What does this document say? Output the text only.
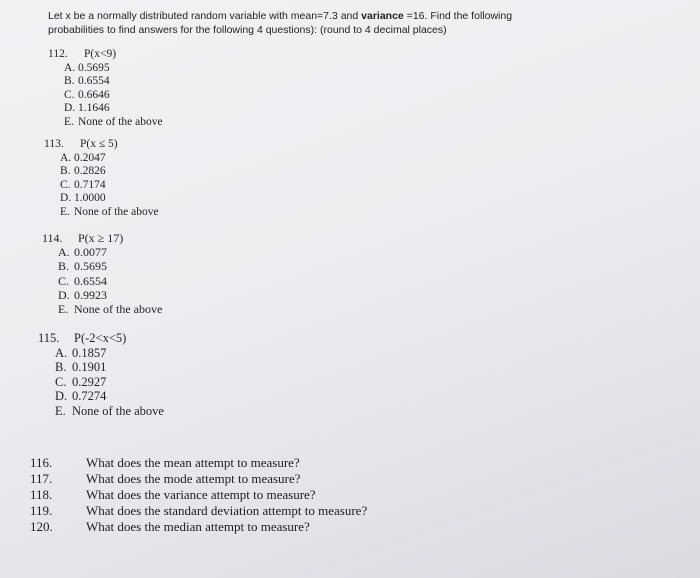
Let x be a normally distributed random variable with mean=7.3 and variance =16. Find the following
probabilities to find answers for the following 4 questions): (round to 4 decimal places)
112.	P(x<9)
A. 0.5695
B. 0.6554
C. 0.6646
D. 1.1646
E. None of the above
113.	P(x ≤ 5)
A. 0.2047
B. 0.2826
C. 0.7174
D. 1.0000
E. None of the above
114. P(x ≥ 17)
A. 0.0077
B. 0.5695
C. 0.6554
D. 0.9923
E. None of the above
115. P(-2<x<5)
A. 0.1857
B. 0.1901
C. 0.2927
D. 0.7274
E. None of the above
116.	What does the mean attempt to measure?
117.	What does the mode attempt to measure?
118.	What does the variance attempt to measure?
119.	What does the standard deviation attempt to measure?
120.	What does the median attempt to measure?
